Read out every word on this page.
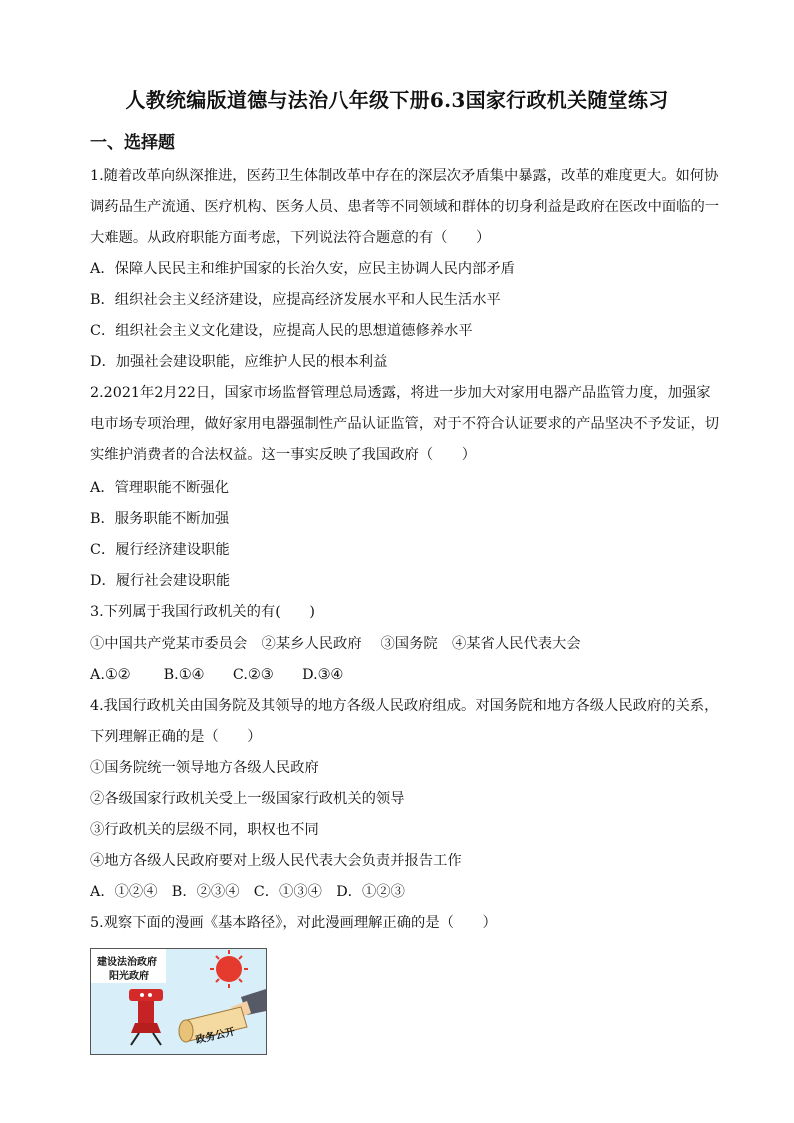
人教统编版道德与法治八年级下册6.3国家行政机关随堂练习
一、选择题
1.随着改革向纵深推进，医药卫生体制改革中存在的深层次矛盾集中暴露，改革的难度更大。如何协
调药品生产流通、医疗机构、医务人员、患者等不同领域和群体的切身利益是政府在医改中面临的一
大难题。从政府职能方面考虑，下列说法符合题意的有（　　）
A．保障人民民主和维护国家的长治久安，应民主协调人民内部矛盾
B．组织社会主义经济建设，应提高经济发展水平和人民生活水平
C．组织社会主义文化建设，应提高人民的思想道德修养水平
D．加强社会建设职能，应维护人民的根本利益
2.2021年2月22日，国家市场监督管理总局透露，将进一步加大对家用电器产品监管力度，加强家
电市场专项治理，做好家用电器强制性产品认证监管，对于不符合认证要求的产品坚决不予发证，切
实维护消费者的合法权益。这一事实反映了我国政府（　　）
A．管理职能不断强化
B．服务职能不断加强
C．履行经济建设职能
D．履行社会建设职能
3.下列属于我国行政机关的有(　　)
①中国共产党某市委员会　②某乡人民政府　 ③国务院　④某省人民代表大会
A.①②　　 B.①④　　C.②③　　D.③④
4.我国行政机关由国务院及其领导的地方各级人民政府组成。对国务院和地方各级人民政府的关系，
下列理解正确的是（　　）
①国务院统一领导地方各级人民政府
②各级国家行政机关受上一级国家行政机关的领导
③行政机关的层级不同，职权也不同
④地方各级人民政府要对上级人民代表大会负责并报告工作
A．①②④　B．②③④　C．①③④　D．①②③
5.观察下面的漫画《基本路径》，对此漫画理解正确的是（　　）
建设法治政府
阳光政府
政务公开
